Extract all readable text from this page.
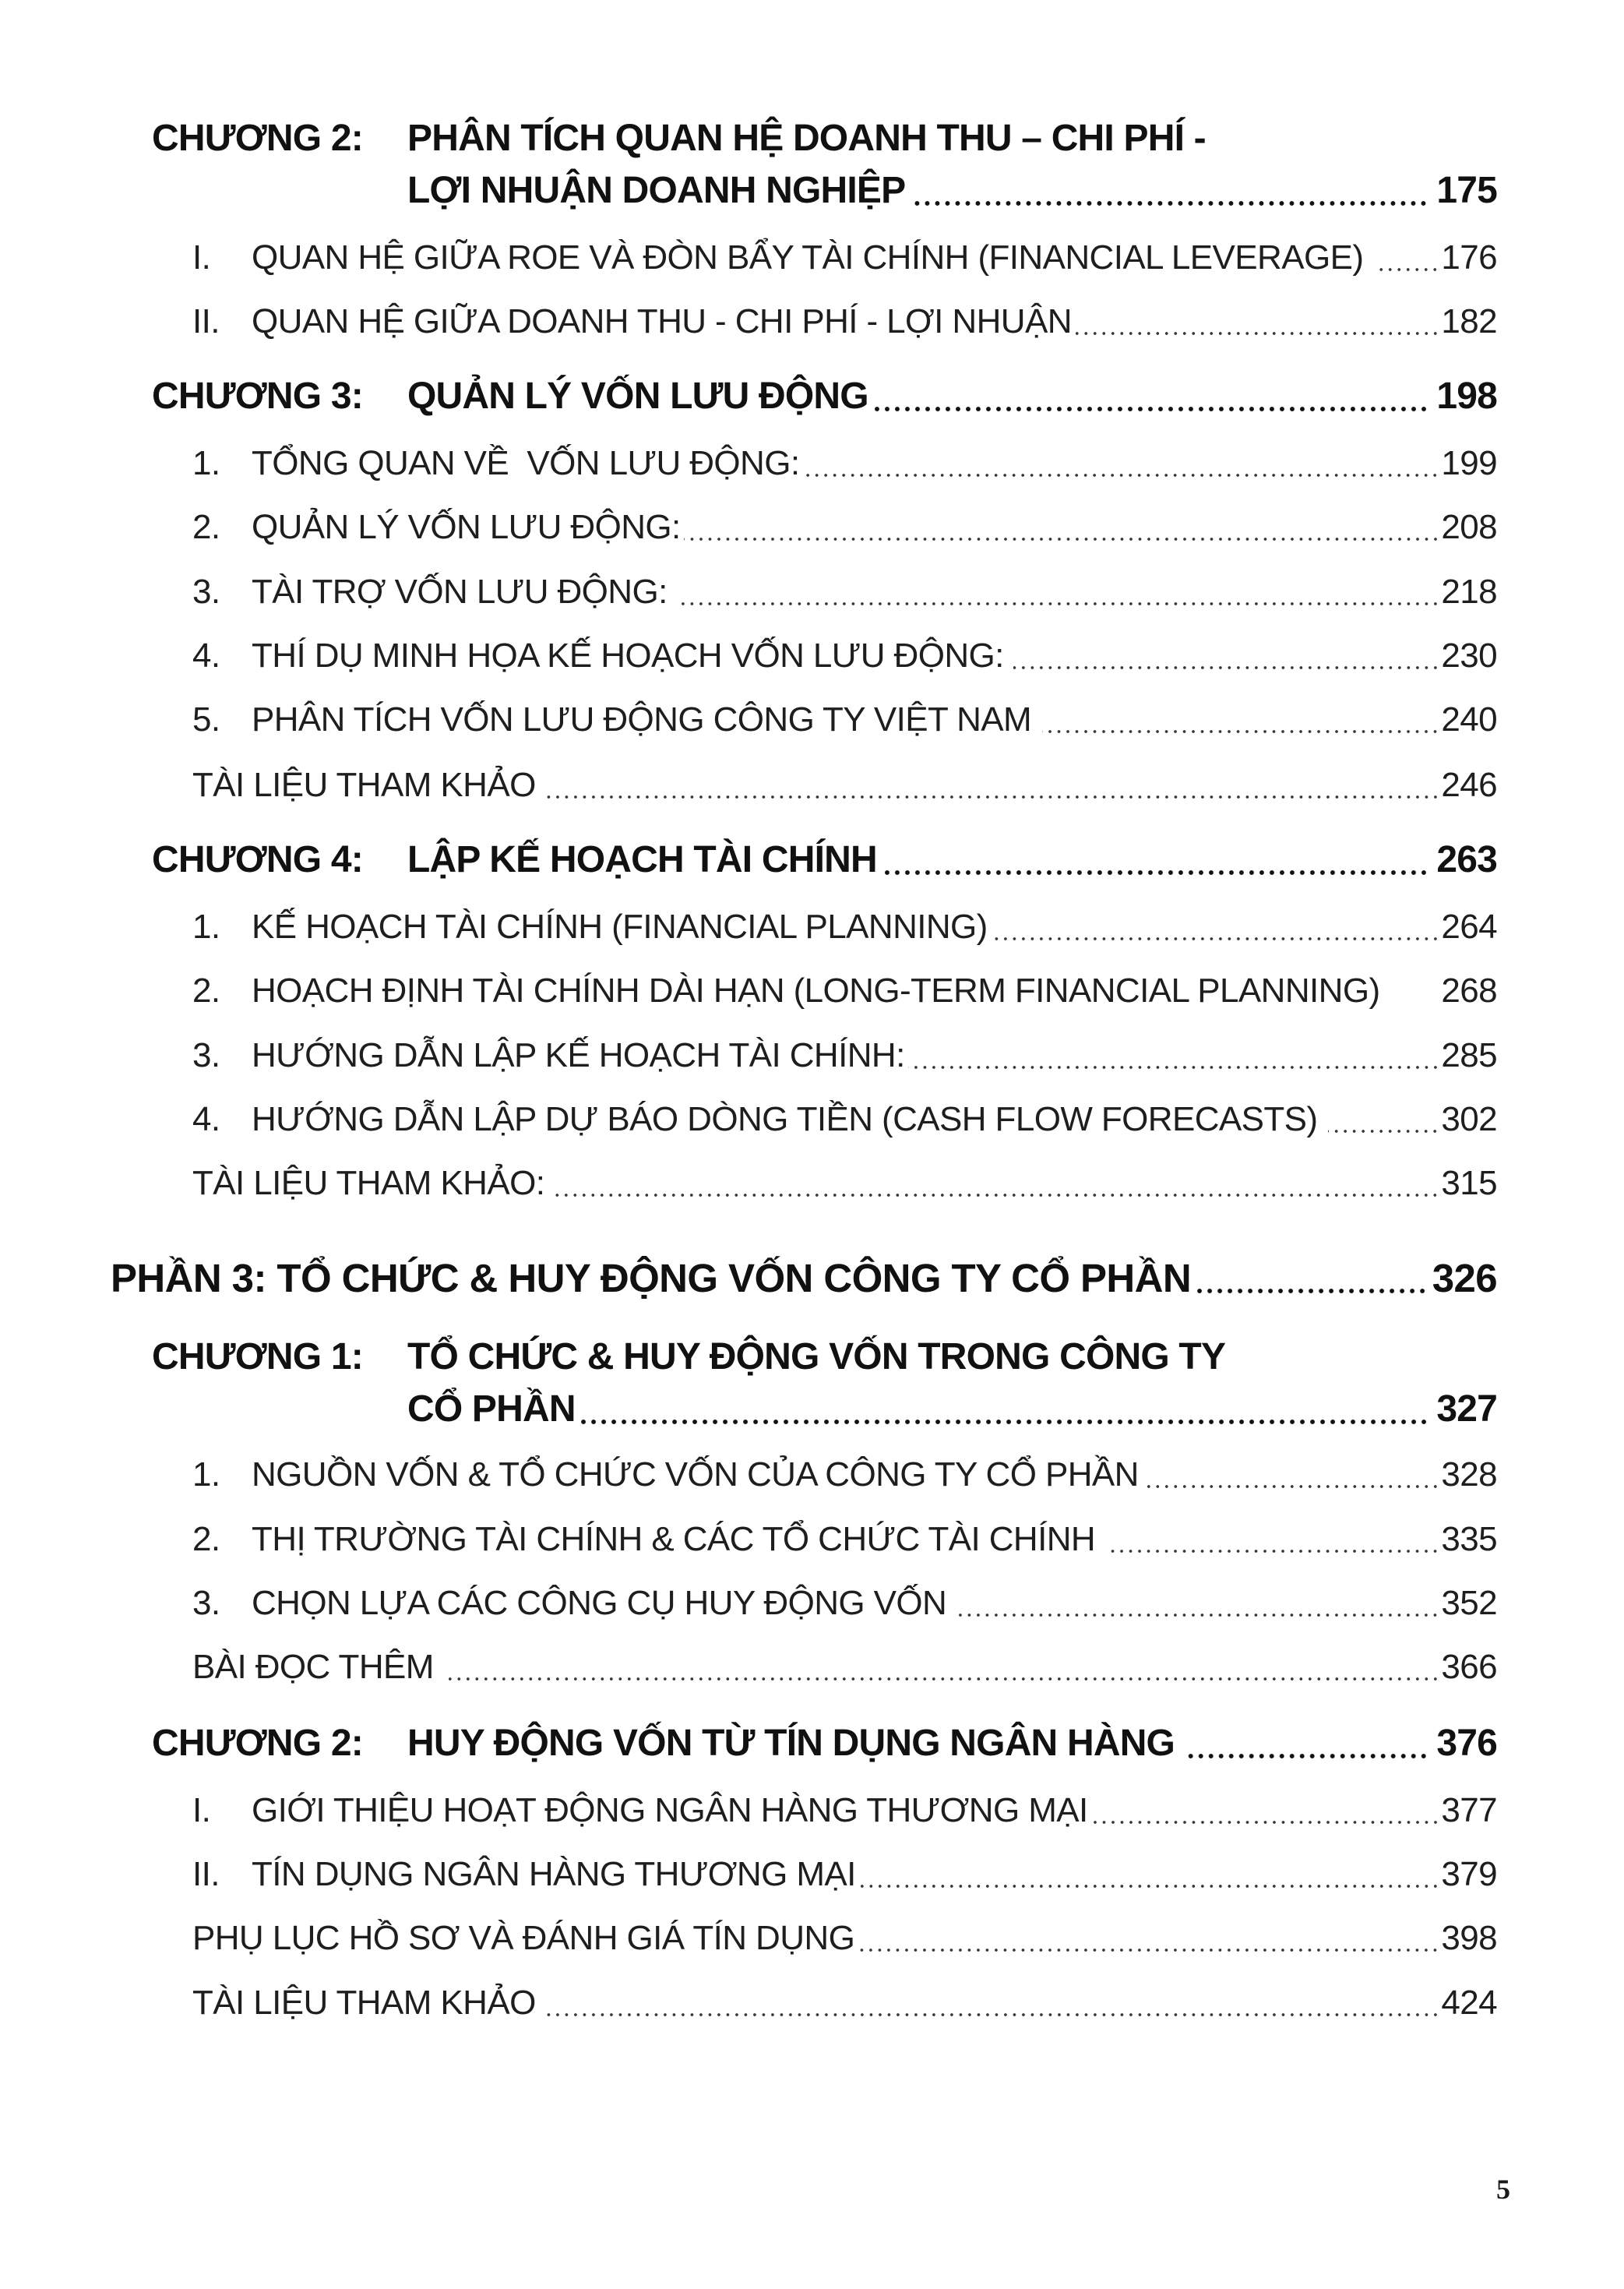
CHƯƠNG 2:	PHÂN TÍCH QUAN HỆ DOANH THU – CHI PHÍ -
LỢI NHUẬN DOANH NGHIỆP	175
I.	QUAN HỆ GIỮA ROE VÀ ĐÒN BẨY TÀI CHÍNH (FINANCIAL LEVERAGE) 176
II. QUAN HỆ GIỮA DOANH THU - CHI PHÍ - LỢI NHUẬN	182
CHƯƠNG 3:	QUẢN LÝ VỐN LƯU ĐỘNG	198
1. TỔNG QUAN VỀ  VỐN LƯU ĐỘNG:	199
2. QUẢN LÝ VỐN LƯU ĐỘNG:	208
3. TÀI TRỢ VỐN LƯU ĐỘNG:	218
4. THÍ DỤ MINH HỌA KẾ HOẠCH VỐN LƯU ĐỘNG:	230
5. PHÂN TÍCH VỐN LƯU ĐỘNG CÔNG TY VIỆT NAM	240
TÀI LIỆU THAM KHẢO	246
CHƯƠNG 4:	LẬP KẾ HOẠCH TÀI CHÍNH	263
1. KẾ HOẠCH TÀI CHÍNH (FINANCIAL PLANNING)	264
2. HOẠCH ĐỊNH TÀI CHÍNH DÀI HẠN (LONG-TERM FINANCIAL PLANNING) 268
3. HƯỚNG DẪN LẬP KẾ HOẠCH TÀI CHÍNH:	285
4. HƯỚNG DẪN LẬP DỰ BÁO DÒNG TIỀN (CASH FLOW FORECASTS)	302
TÀI LIỆU THAM KHẢO:	315
PHẦN 3: TỔ CHỨC & HUY ĐỘNG VỐN CÔNG TY CỔ PHẦN	326
CHƯƠNG 1:	TỔ CHỨC & HUY ĐỘNG VỐN TRONG CÔNG TY
CỔ PHẦN	327
1. NGUỒN VỐN & TỔ CHỨC VỐN CỦA CÔNG TY CỔ PHẦN	328
2. THỊ TRƯỜNG TÀI CHÍNH & CÁC TỔ CHỨC TÀI CHÍNH	335
3. CHỌN LỰA CÁC CÔNG CỤ HUY ĐỘNG VỐN	352
BÀI ĐỌC THÊM	366
CHƯƠNG 2:	HUY ĐỘNG VỐN TỪ TÍN DỤNG NGÂN HÀNG	376
I.	GIỚI THIỆU HOẠT ĐỘNG NGÂN HÀNG THƯƠNG MẠI	377
II. TÍN DỤNG NGÂN HÀNG THƯƠNG MẠI	379
PHỤ LỤC HỒ SƠ VÀ ĐÁNH GIÁ TÍN DỤNG	398
TÀI LIỆU THAM KHẢO	424
5
